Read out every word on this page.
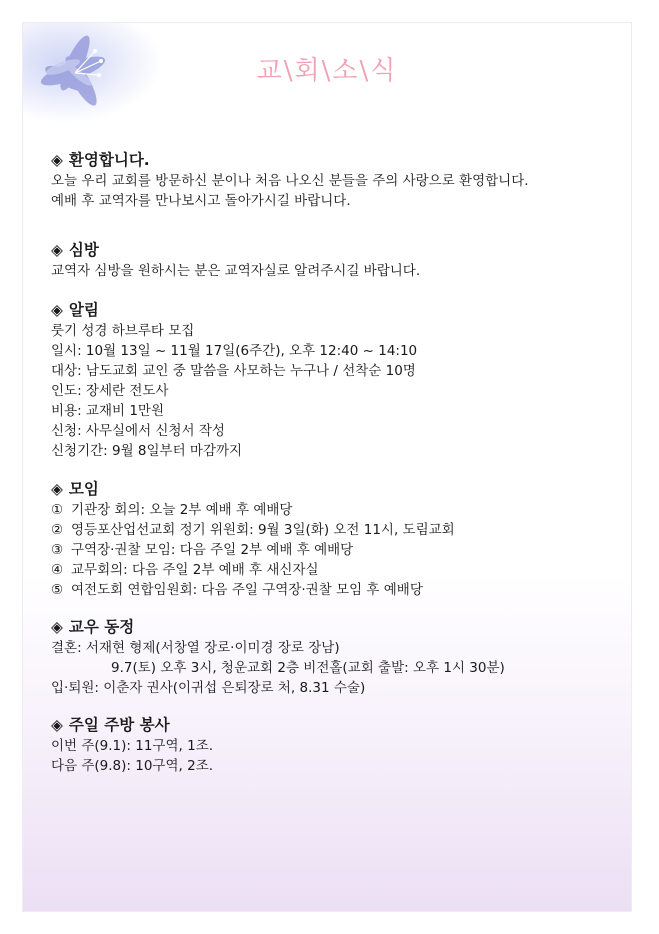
교\회\소\식

◈ 환영합니다.

오늘 우리 교회를 방문하신 분이나 처음 나오신 분들을 주의 사랑으로 환영합니다.

예배 후 교역자를 만나보시고 돌아가시길 바랍니다.

◈ 심방

교역자 심방을 원하시는 분은 교역자실로 알려주시길 바랍니다.

◈ 알림

룻기 성경 하브루타 모집

일시: 10월 13일 ~ 11월 17일(6주간), 오후 12:40 ~ 14:10

대상: 남도교회 교인 중 말씀을 사모하는 누구나 / 선착순 10명

인도: 장세란 전도사

비용: 교재비 1만원

신청: 사무실에서 신청서 작성

신청기간: 9월 8일부터 마감까지

◈ 모임

① 기관장 회의: 오늘 2부 예배 후 예배당

② 영등포산업선교회 정기 위원회: 9월 3일(화) 오전 11시, 도림교회

③ 구역장·권찰 모임: 다음 주일 2부 예배 후 예배당

④ 교무회의: 다음 주일 2부 예배 후 새신자실

⑤ 여전도회 연합임원회: 다음 주일 구역장·권찰 모임 후 예배당

◈ 교우 동정

결혼: 서재현 형제(서창열 장로·이미경 장로 장남)

9.7(토) 오후 3시, 청운교회 2층 비전홀(교회 출발: 오후 1시 30분)

입·퇴원: 이춘자 권사(이귀섭 은퇴장로 처, 8.31 수술)

◈ 주일 주방 봉사

이번 주(9.1): 11구역, 1조.

다음 주(9.8): 10구역, 2조.
